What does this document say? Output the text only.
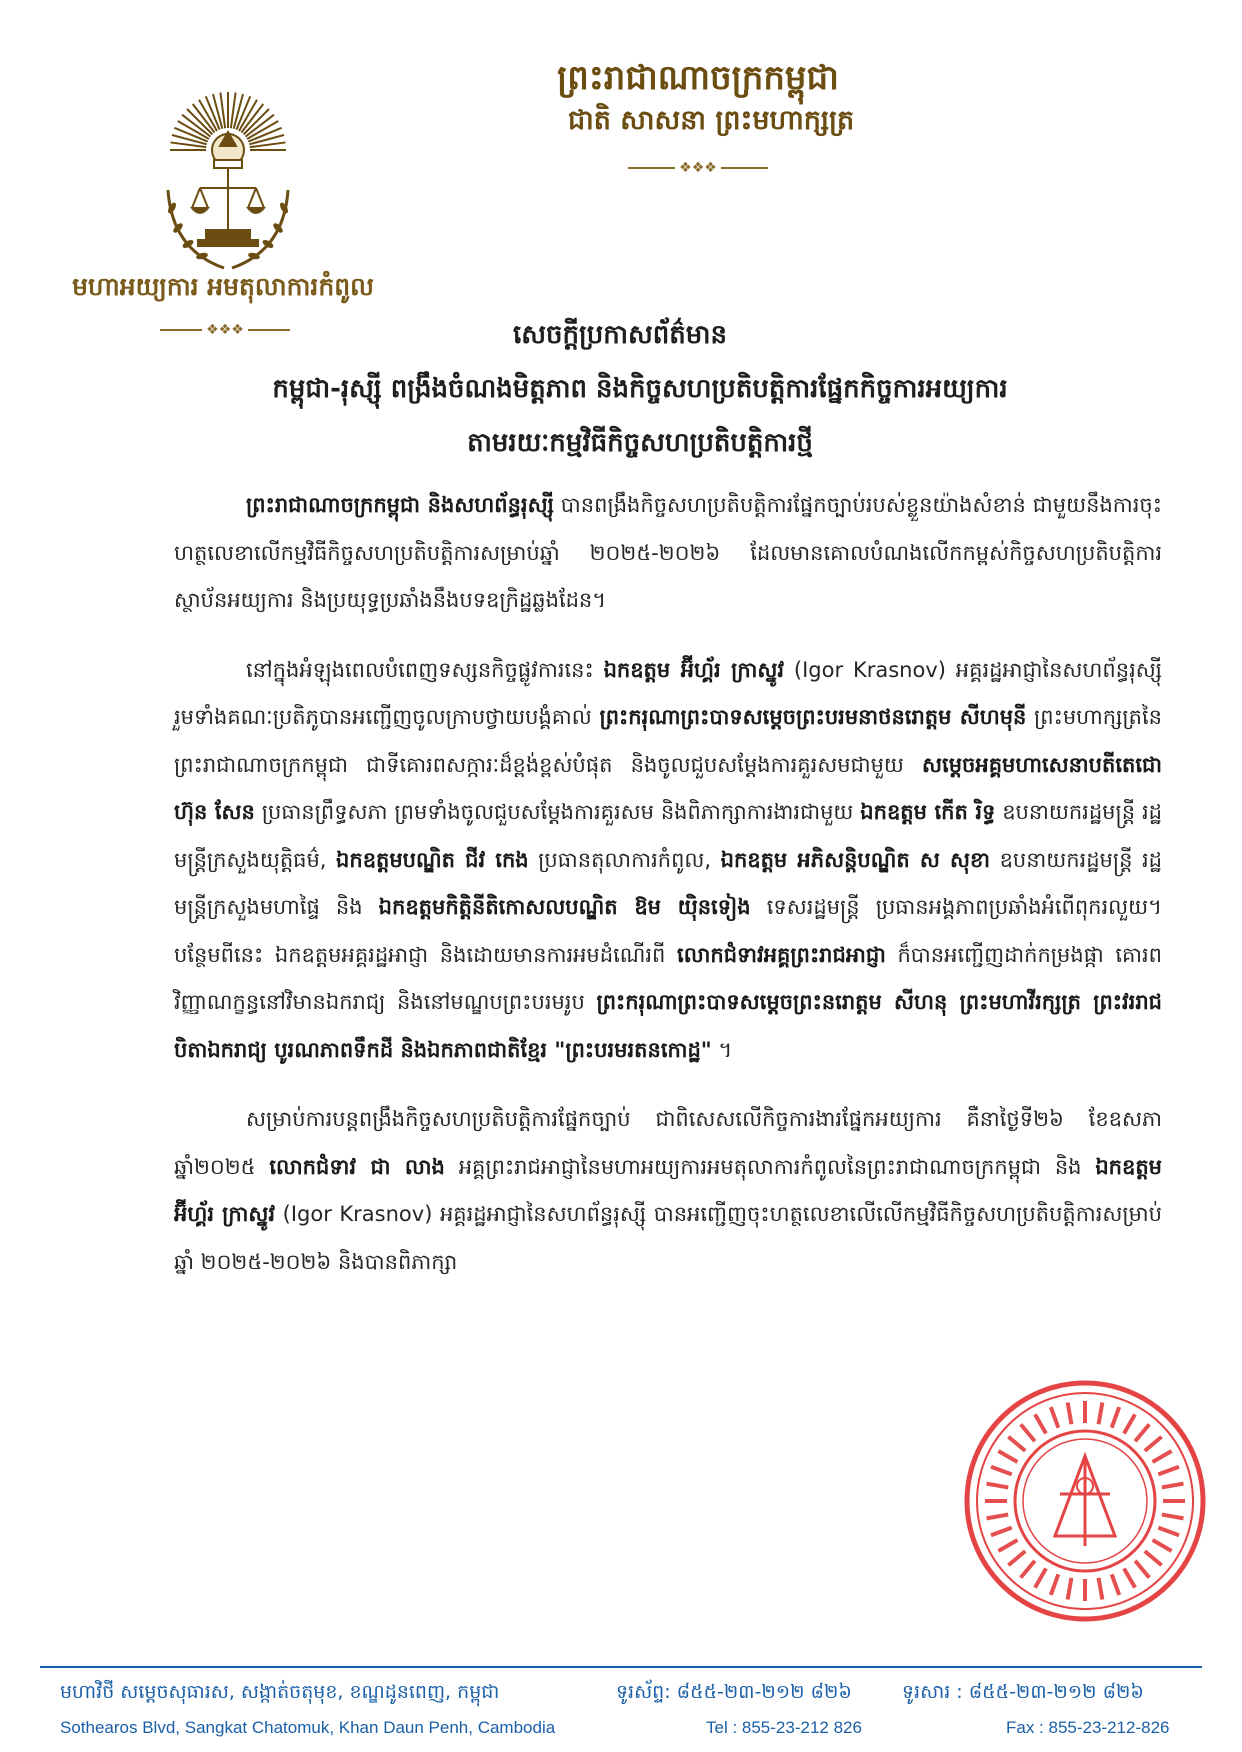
មហាអយ្យការ អមតុលាការកំពូល
❖❖❖
ព្រះរាជាណាចក្រកម្ពុជា
ជាតិ សាសនា ព្រះមហាក្សត្រ
❖❖❖
សេចក្តីប្រកាសព័ត៌មាន
កម្ពុជា-រុស្ស៊ី ពង្រឹងចំណងមិត្តភាព និងកិច្ចសហប្រតិបត្តិការផ្នែកកិច្ចការអយ្យការ
តាមរយៈកម្មវិធីកិច្ចសហប្រតិបត្តិការថ្មី

ព្រះរាជាណាចក្រកម្ពុជា និងសហព័ន្ធរុស្ស៊ី បានពង្រឹងកិច្ចសហប្រតិបត្តិការផ្នែកច្បាប់របស់ខ្លួនយ៉ាងសំខាន់ ជាមួយនឹងការចុះហត្ថលេខាលើកម្មវិធីកិច្ចសហប្រតិបត្តិការសម្រាប់ឆ្នាំ ២០២៥-២០២៦ ដែលមានគោលបំណងលើកកម្ពស់កិច្ចសហប្រតិបត្តិការស្ថាប័នអយ្យការ និងប្រយុទ្ធប្រឆាំងនឹងបទឧក្រិដ្ឋឆ្លងដែន។

នៅក្នុងអំឡុងពេលបំពេញទស្សនកិច្ចផ្លូវការនេះ ឯកឧត្តម អ៊ីហ្គ័រ ក្រាស្នូវ (Igor Krasnov) អគ្គរដ្ឋអាជ្ញានៃសហព័ន្ធរុស្ស៊ី រួមទាំងគណៈប្រតិភូបានអញ្ជើញចូលក្រាបថ្វាយបង្គំគាល់ ព្រះករុណាព្រះបាទសម្តេចព្រះបរមនាថនរោត្តម សីហមុនី ព្រះមហាក្សត្រនៃព្រះរាជាណាចក្រកម្ពុជា ជាទីគោរពសក្ការៈដ៏ខ្ពង់ខ្ពស់បំផុត និងចូលជួបសម្តែងការគួរសមជាមួយ សម្តេចអគ្គមហាសេនាបតីតេជោ ហ៊ុន សែន ប្រធានព្រឹទ្ធសភា ព្រមទាំងចូលជួបសម្តែងការគួរសម និងពិភាក្សាការងារជាមួយ ឯកឧត្តម កើត រិទ្ធ ឧបនាយករដ្ឋមន្ត្រី រដ្ឋមន្ត្រីក្រសួងយុត្តិធម៌, ឯកឧត្តមបណ្ឌិត ជីវ កេង ប្រធានតុលាការកំពូល, ឯកឧត្តម អភិសន្តិបណ្ឌិត ស សុខា ឧបនាយករដ្ឋមន្ត្រី រដ្ឋមន្ត្រីក្រសួងមហាផ្ទៃ និង ឯកឧត្តមកិត្តិនីតិកោសលបណ្ឌិត ឱម យ៉ិនទៀង ទេសរដ្ឋមន្ត្រី ប្រធានអង្គភាពប្រឆាំងអំពើពុករលួយ។ បន្ថែមពីនេះ ឯកឧត្តមអគ្គរដ្ឋអាជ្ញា និងដោយមានការអមដំណើរពី លោកជំទាវអគ្គព្រះរាជអាជ្ញា ក៏បានអញ្ជើញដាក់កម្រងផ្កា គោរពវិញ្ញាណក្ខន្ធនៅវិមានឯករាជ្យ និងនៅមណ្ឌបព្រះបរមរូប ព្រះករុណាព្រះបាទសម្តេចព្រះនរោត្តម សីហនុ ព្រះមហាវីរក្សត្រ ព្រះវររាជបិតាឯករាជ្យ បូរណភាពទឹកដី និងឯកភាពជាតិខ្មែរ "ព្រះបរមរតនកោដ្ឋ" ។

សម្រាប់ការបន្តពង្រឹងកិច្ចសហប្រតិបត្តិការផ្នែកច្បាប់ ជាពិសេសលើកិច្ចការងារផ្នែកអយ្យការ គឺនាថ្ងៃទី២៦ ខែឧសភា ឆ្នាំ២០២៥ លោកជំទាវ ជា លាង អគ្គព្រះរាជអាជ្ញានៃមហាអយ្យការអមតុលាការកំពូលនៃព្រះរាជាណាចក្រកម្ពុជា និង ឯកឧត្តម អ៊ីហ្គ័រ ក្រាស្នូវ (Igor Krasnov) អគ្គរដ្ឋអាជ្ញានៃសហព័ន្ធរុស្ស៊ី បានអញ្ជើញចុះហត្ថលេខាលើលើកម្មវិធីកិច្ចសហប្រតិបត្តិការសម្រាប់ឆ្នាំ ២០២៥-២០២៦ និងបានពិភាក្សា

មហាវិថី សម្តេចសុធារស, សង្កាត់ចតុមុខ, ខណ្ឌដូនពេញ, កម្ពុជា	ទូរស័ព្ទ: ៨៥៥-២៣-២១២ ៨២៦	ទូរសារ : ៨៥៥-២៣-២១២ ៨២៦
Sothearos Blvd, Sangkat Chatomuk, Khan Daun Penh, Cambodia	Tel : 855-23-212 826	Fax : 855-23-212-826
